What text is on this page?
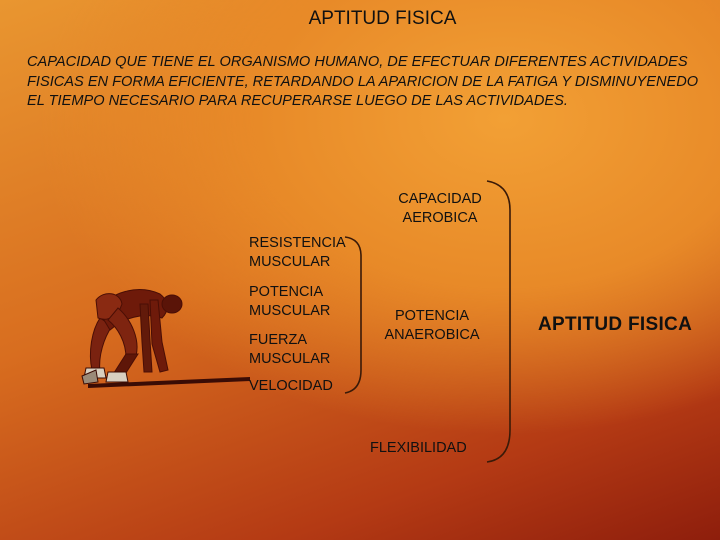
APTITUD FISICA
CAPACIDAD QUE TIENE EL ORGANISMO HUMANO, DE EFECTUAR DIFERENTES ACTIVIDADES FISICAS EN FORMA EFICIENTE, RETARDANDO LA APARICION DE LA FATIGA Y DISMINUYENEDO EL TIEMPO NECESARIO PARA RECUPERARSE LUEGO DE LAS ACTIVIDADES.
CAPACIDAD
AEROBICA
RESISTENCIA
MUSCULAR
POTENCIA
MUSCULAR
FUERZA
MUSCULAR
VELOCIDAD
POTENCIA
ANAEROBICA
FLEXIBILIDAD
APTITUD FISICA
